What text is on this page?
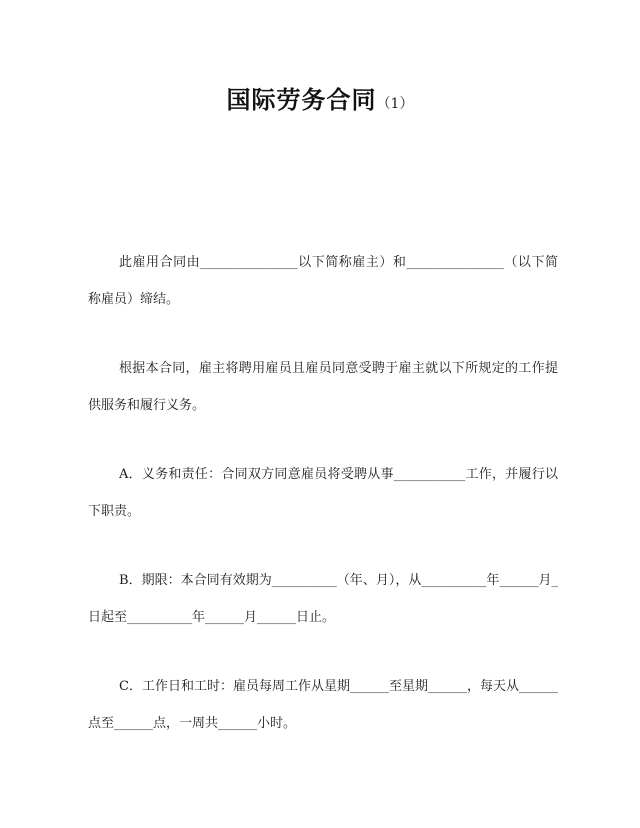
国际劳务合同（1）

此雇用合同由_______________以下简称雇主）和_______________（以下简称雇员）缔结。

根据本合同，雇主将聘用雇员且雇员同意受聘于雇主就以下所规定的工作提供服务和履行义务。

A．义务和责任：合同双方同意雇员将受聘从事___________工作，并履行以下职责。

B．期限：本合同有效期为__________（年、月），从__________年______月_日起至__________年______月______日止。

C．工作日和工时：雇员每周工作从星期______至星期______，每天从______点至______点，一周共______小时。
